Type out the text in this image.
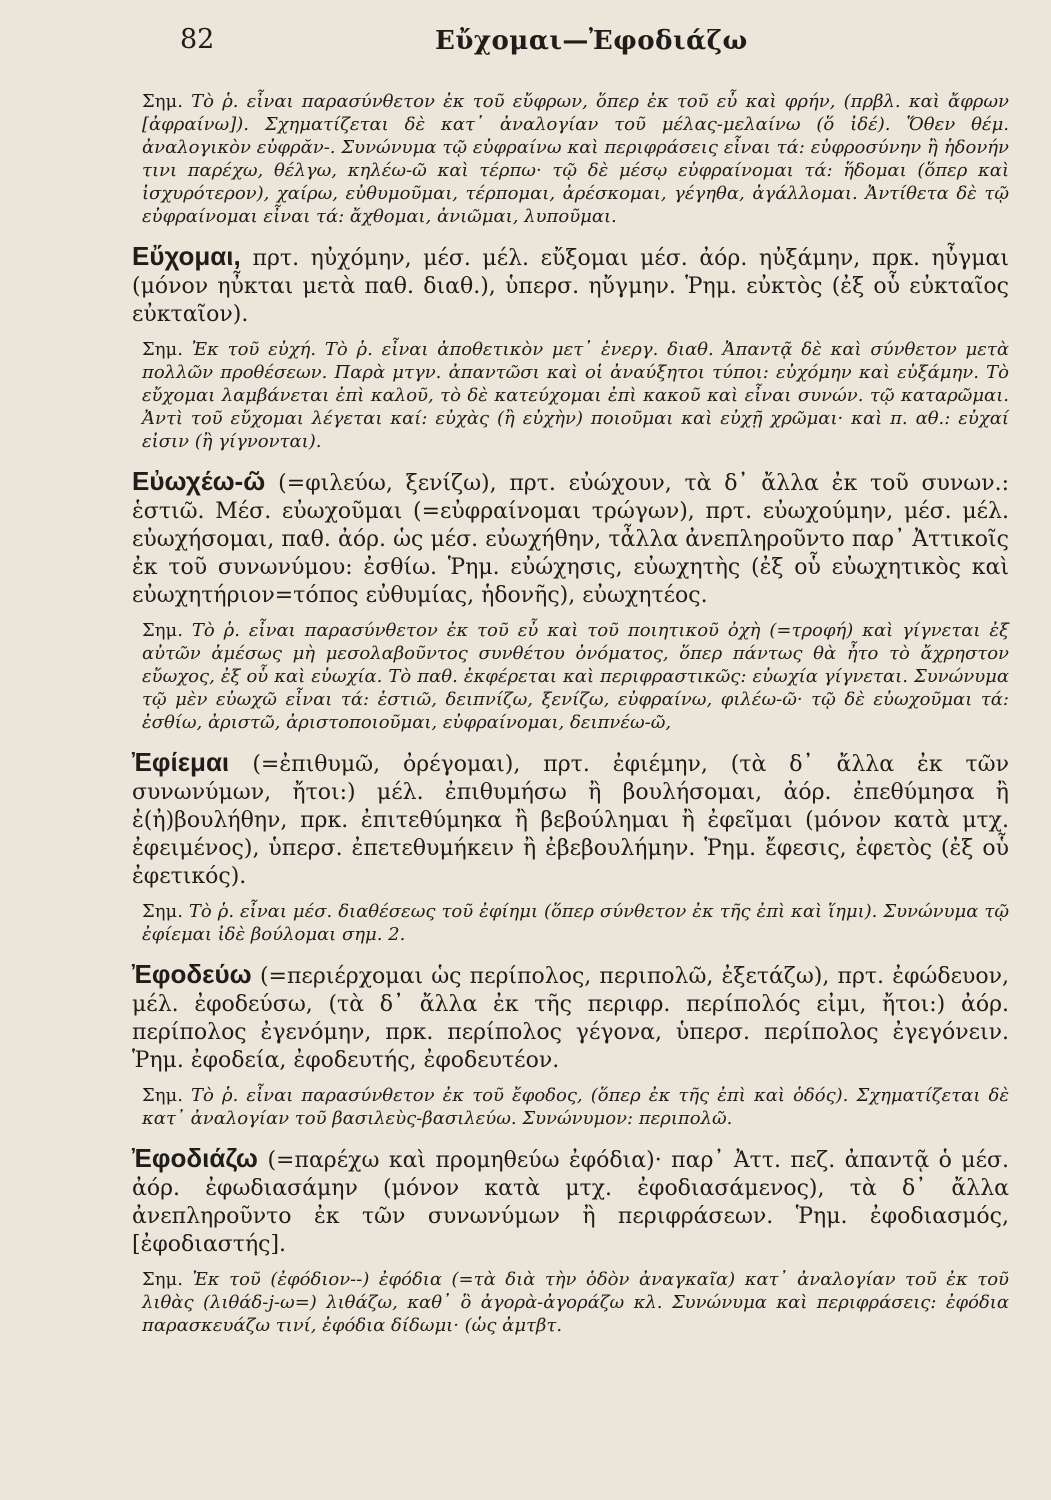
82	Εὔχομαι—Ἐφοδιάζω
Σημ. Τὸ ῥ. εἶναι παρασύνθετον ἐκ τοῦ εὔφρων, ὅπερ ἐκ τοῦ εὖ καὶ φρήν, (πρβλ. καὶ ἄφρων [ἀφραίνω]). Σχηματίζεται δὲ κατ᾽ ἀναλογίαν τοῦ μέλας-μελαίνω (ὅ ἰδέ). Ὅθεν θέμ. ἀναλογικὸν εὐφρᾰν-. Συνώνυμα τῷ εὐφραίνω καὶ περιφράσεις εἶναι τά: εὐφροσύνην ἢ ἡδονήν τινι παρέχω, θέλγω, κηλέω-ῶ καὶ τέρπω· τῷ δὲ μέσῳ εὐφραίνομαι τά: ἥδομαι (ὅπερ καὶ ἰσχυρότερον), χαίρω, εὐθυμοῦμαι, τέρπομαι, ἀρέσκομαι, γέγηθα, ἀγάλλομαι. Ἀντίθετα δὲ τῷ εὐφραίνομαι εἶναι τά: ἄχθομαι, ἀνιῶμαι, λυποῦμαι.
Εὔχομαι, πρτ. ηὐχόμην, μέσ. μέλ. εὔξομαι μέσ. ἀόρ. ηὐξάμην, πρκ. ηὖγμαι (μόνον ηὖκται μετὰ παθ. διαθ.), ὑπερσ. ηὔγμην. Ῥημ. εὐκτὸς (ἐξ οὗ εὐκταῖος εὐκταῖον).
Σημ. Ἐκ τοῦ εὐχή. Τὸ ῥ. εἶναι ἀποθετικὸν μετ᾽ ἐνεργ. διαθ. Ἀπαντᾷ δὲ καὶ σύνθετον μετὰ πολλῶν προθέσεων. Παρὰ μτγν. ἀπαντῶσι καὶ οἱ ἀναύξητοι τύποι: εὐχόμην καὶ εὐξάμην. Τὸ εὔχομαι λαμβάνεται ἐπὶ καλοῦ, τὸ δὲ κατεύχομαι ἐπὶ κακοῦ καὶ εἶναι συνών. τῷ καταρῶμαι. Ἀντὶ τοῦ εὔχομαι λέγεται καί: εὐχὰς (ἢ εὐχὴν) ποιοῦμαι καὶ εὐχῇ χρῶμαι· καὶ π. αθ.: εὐχαί εἰσιν (ἢ γίγνονται).
Εὐωχέω-ῶ (=φιλεύω, ξενίζω), πρτ. εὐώχουν, τὰ δ᾽ ἄλλα ἐκ τοῦ συνων.: ἑστιῶ. Μέσ. εὐωχοῦμαι (=εὐφραίνομαι τρώγων), πρτ. εὐωχούμην, μέσ. μέλ. εὐωχήσομαι, παθ. ἀόρ. ὡς μέσ. εὐωχήθην, τἆλλα ἀνεπληροῦντο παρ᾽ Ἀττικοῖς ἐκ τοῦ συνωνύμου: ἐσθίω. Ῥημ. εὐώχησις, εὐωχητὴς (ἐξ οὗ εὐωχητικὸς καὶ εὐωχητήριον=τόπος εὐθυμίας, ἡδονῆς), εὐωχητέος.
Σημ. Τὸ ῥ. εἶναι παρασύνθετον ἐκ τοῦ εὖ καὶ τοῦ ποιητικοῦ ὀχὴ (=τροφή) καὶ γίγνεται ἐξ αὐτῶν ἀμέσως μὴ μεσολαβοῦντος συνθέτου ὀνόματος, ὅπερ πάντως θὰ ἦτο τὸ ἄχρηστον εὔωχος, ἐξ οὗ καὶ εὐωχία. Τὸ παθ. ἐκφέρεται καὶ περιφραστικῶς: εὐωχία γίγνεται. Συνώνυμα τῷ μὲν εὐωχῶ εἶναι τά: ἑστιῶ, δειπνίζω, ξενίζω, εὐφραίνω, φιλέω-ῶ· τῷ δὲ εὐωχοῦμαι τά: ἐσθίω, ἀριστῶ, ἀριστοποιοῦμαι, εὐφραίνομαι, δειπνέω-ῶ,
Ἐφίεμαι (=ἐπιθυμῶ, ὀρέγομαι), πρτ. ἐφιέμην, (τὰ δ᾽ ἄλλα ἐκ τῶν συνωνύμων, ἤτοι:) μέλ. ἐπιθυμήσω ἢ βουλήσομαι, ἀόρ. ἐπεθύμησα ἢ ἐ(ἠ)βουλήθην, πρκ. ἐπιτεθύμηκα ἢ βεβούλημαι ἢ ἐφεῖμαι (μόνον κατὰ μτχ. ἐφειμένος), ὑπερσ. ἐπετεθυμήκειν ἢ ἐβεβουλήμην. Ῥημ. ἔφεσις, ἐφετὸς (ἐξ οὗ ἐφετικός).
Σημ. Τὸ ῥ. εἶναι μέσ. διαθέσεως τοῦ ἐφίημι (ὅπερ σύνθετον ἐκ τῆς ἐπὶ καὶ ἵημι). Συνώνυμα τῷ ἐφίεμαι ἰδὲ βούλομαι σημ. 2.
Ἐφοδεύω (=περιέρχομαι ὡς περίπολος, περιπολῶ, ἐξετάζω), πρτ. ἐφώδευον, μέλ. ἐφοδεύσω, (τὰ δ᾽ ἄλλα ἐκ τῆς περιφρ. περίπολός εἰμι, ἤτοι:) ἀόρ. περίπολος ἐγενόμην, πρκ. περίπολος γέγονα, ὑπερσ. περίπολος ἐγεγόνειν. Ῥημ. ἐφοδεία, ἐφοδευτής, ἐφοδευτέον.
Σημ. Τὸ ῥ. εἶναι παρασύνθετον ἐκ τοῦ ἔφοδος, (ὅπερ ἐκ τῆς ἐπὶ καὶ ὁδός). Σχηματίζεται δὲ κατ᾽ ἀναλογίαν τοῦ βασιλεὺς-βασιλεύω. Συνώνυμον: περιπολῶ.
Ἐφοδιάζω (=παρέχω καὶ προμηθεύω ἐφόδια)· παρ᾽ Ἀττ. πεζ. ἀπαντᾷ ὁ μέσ. ἀόρ. ἐφωδιασάμην (μόνον κατὰ μτχ. ἐφοδιασάμενος), τὰ δ᾽ ἄλλα ἀνεπληροῦντο ἐκ τῶν συνωνύμων ἢ περιφράσεων. Ῥημ. ἐφοδιασμός, [ἐφοδιαστής].
Σημ. Ἐκ τοῦ (ἐφόδιον--) ἐφόδια (=τὰ διὰ τὴν ὁδὸν ἀναγκαῖα) κατ᾽ ἀναλογίαν τοῦ ἐκ τοῦ λιθὰς (λιθάδ-j-ω=) λιθάζω, καθ᾽ ὃ ἀγορὰ-ἀγοράζω κλ. Συνώνυμα καὶ περιφράσεις: ἐφόδια παρασκευάζω τινί, ἐφόδια δίδωμι· (ὡς ἀμτβτ.
